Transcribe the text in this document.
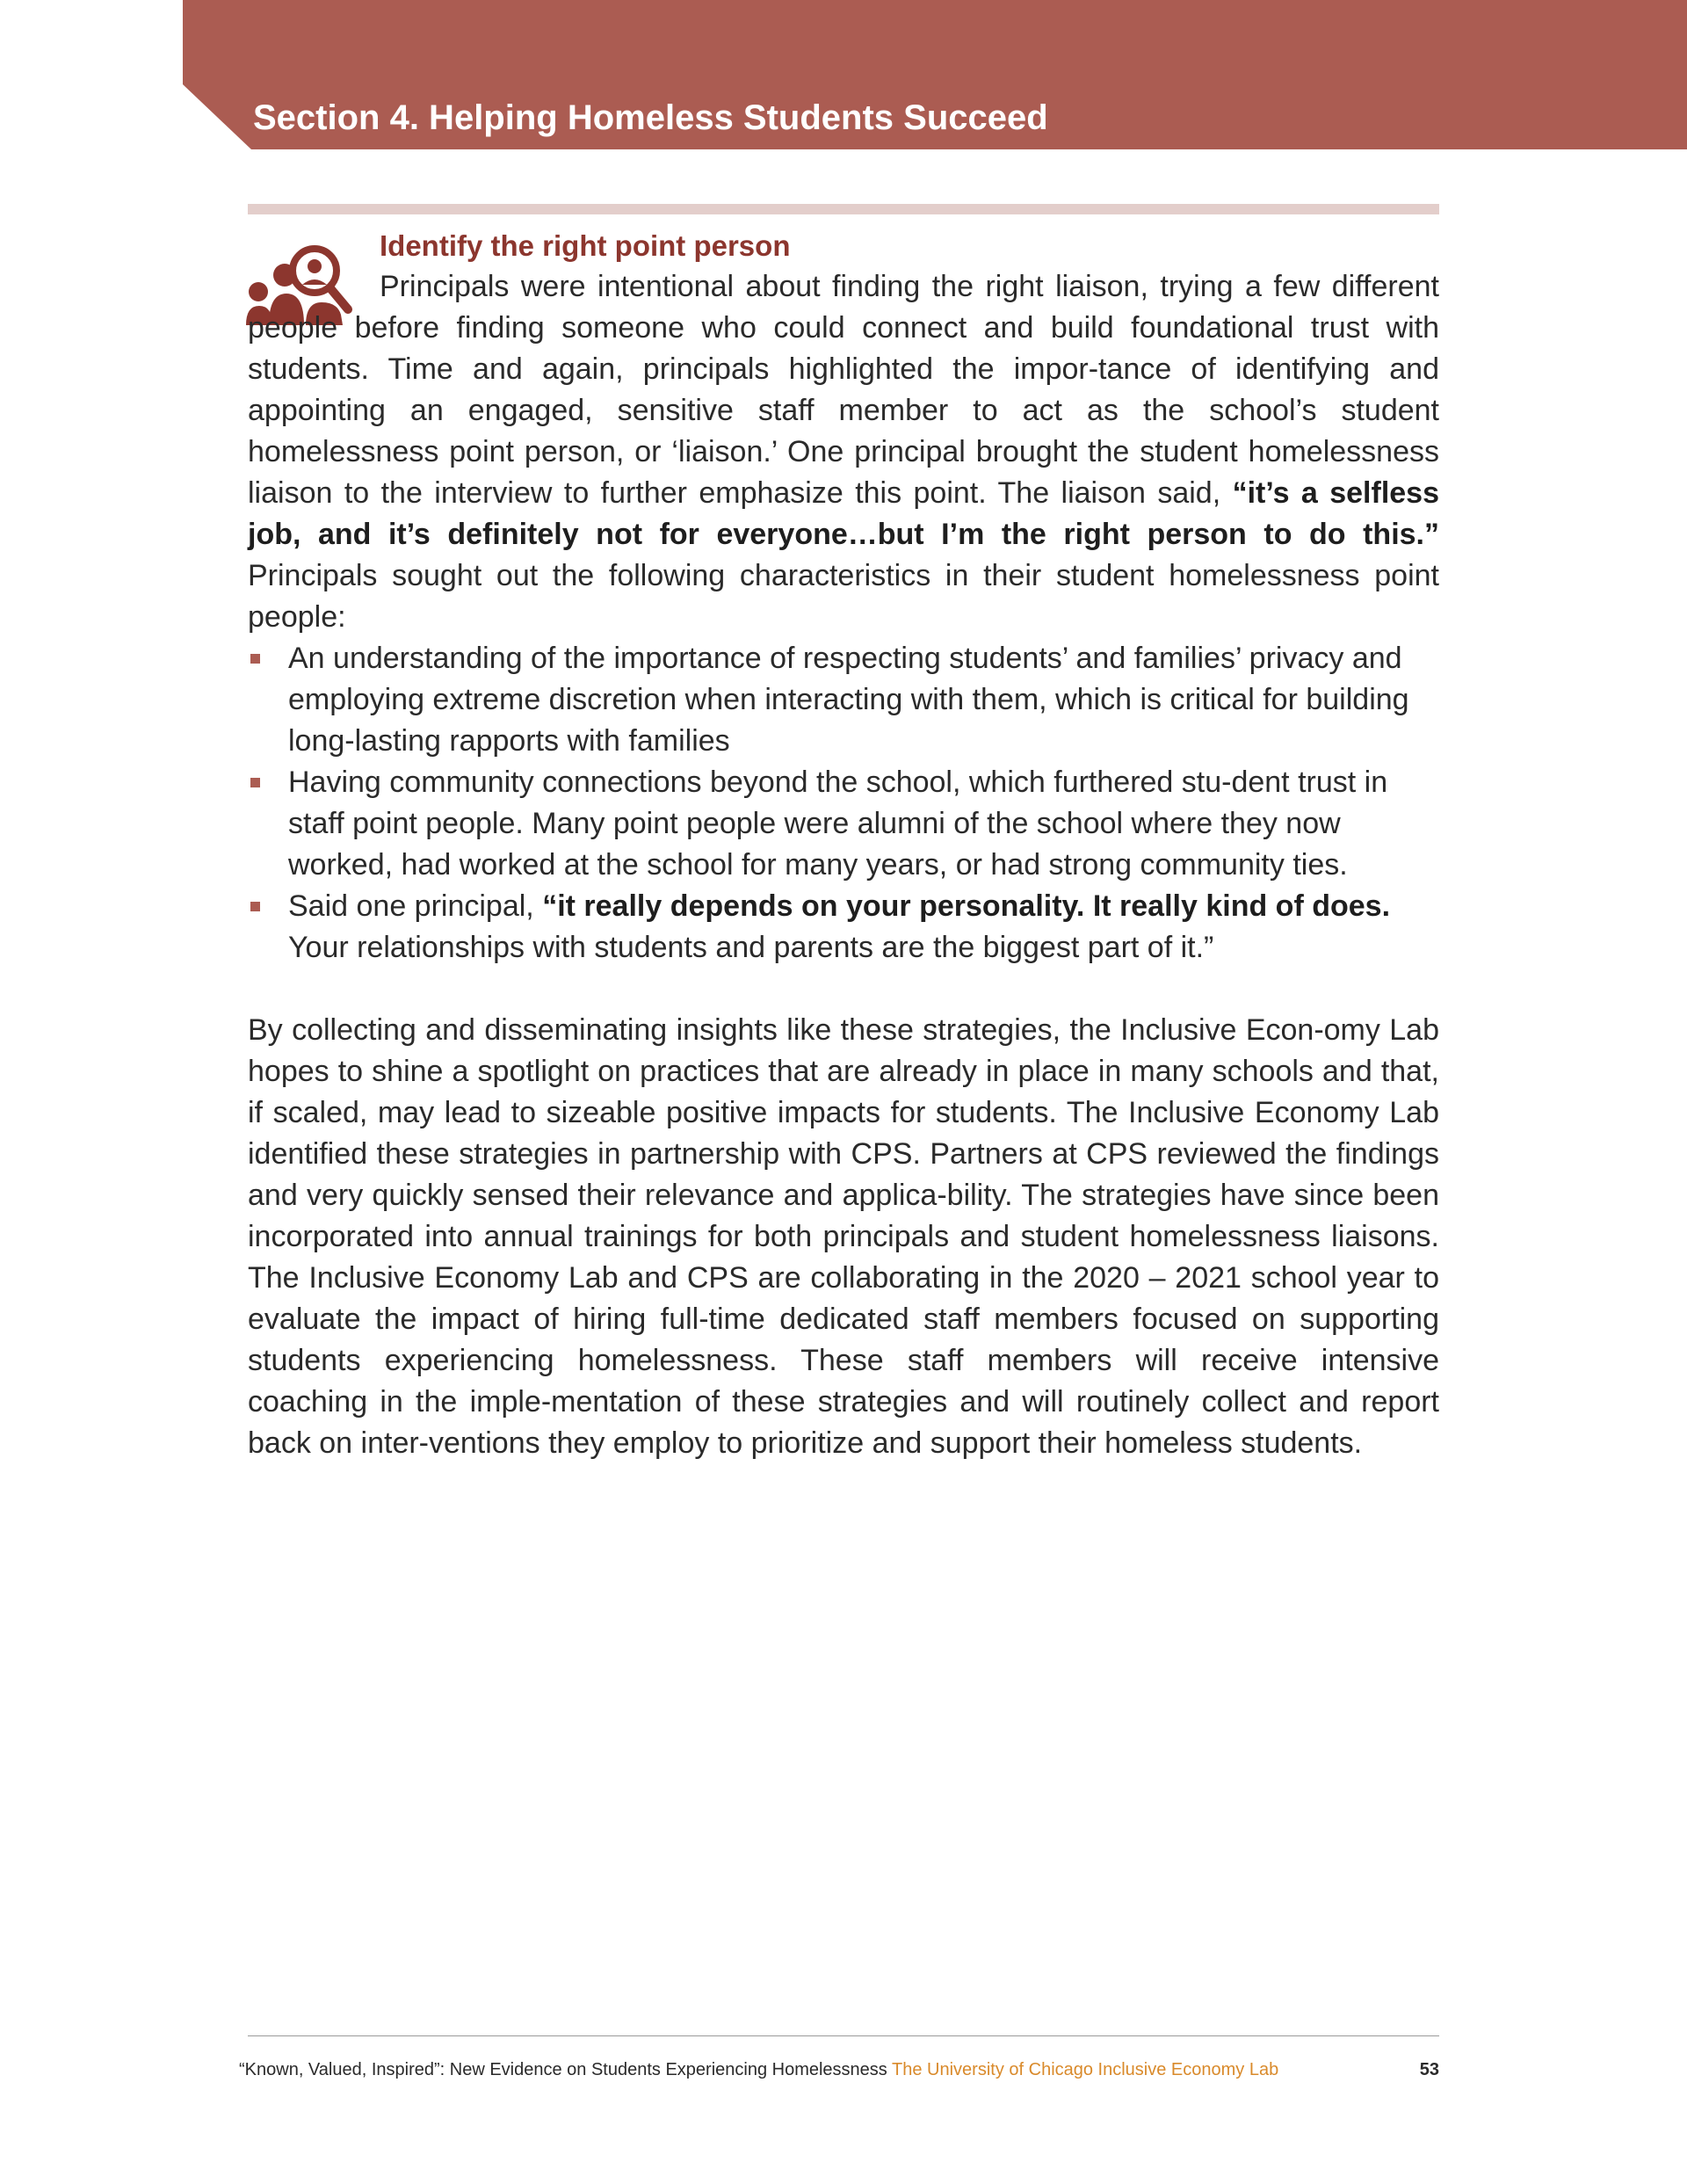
Section 4. Helping Homeless Students Succeed
Identify the right point person

Principals were intentional about finding the right liaison, trying a few different people before finding someone who could connect and build foundational trust with students. Time and again, principals highlighted the impor-tance of identifying and appointing an engaged, sensitive staff member to act as the school’s student homelessness point person, or ‘liaison.’ One principal brought the student homelessness liaison to the interview to further emphasize this point. The liaison said, “it’s a selfless job, and it’s definitely not for everyone…but I’m the right person to do this.” Principals sought out the following characteristics in their student homelessness point people:

An understanding of the importance of respecting students’ and families’ privacy and employing extreme discretion when interacting with them, which is critical for building long-lasting rapports with families
Having community connections beyond the school, which furthered stu-dent trust in staff point people. Many point people were alumni of the school where they now worked, had worked at the school for many years, or had strong community ties.
Said one principal, “it really depends on your personality. It really kind of does. Your relationships with students and parents are the biggest part of it.”

By collecting and disseminating insights like these strategies, the Inclusive Econ-omy Lab hopes to shine a spotlight on practices that are already in place in many schools and that, if scaled, may lead to sizeable positive impacts for students. The Inclusive Economy Lab identified these strategies in partnership with CPS. Partners at CPS reviewed the findings and very quickly sensed their relevance and applica-bility. The strategies have since been incorporated into annual trainings for both principals and student homelessness liaisons. The Inclusive Economy Lab and CPS are collaborating in the 2020 – 2021 school year to evaluate the impact of hiring full-time dedicated staff members focused on supporting students experiencing homelessness. These staff members will receive intensive coaching in the imple-mentation of these strategies and will routinely collect and report back on inter-ventions they employ to prioritize and support their homeless students.

“Known, Valued, Inspired”: New Evidence on Students Experiencing Homelessness The University of Chicago Inclusive Economy Lab	53
